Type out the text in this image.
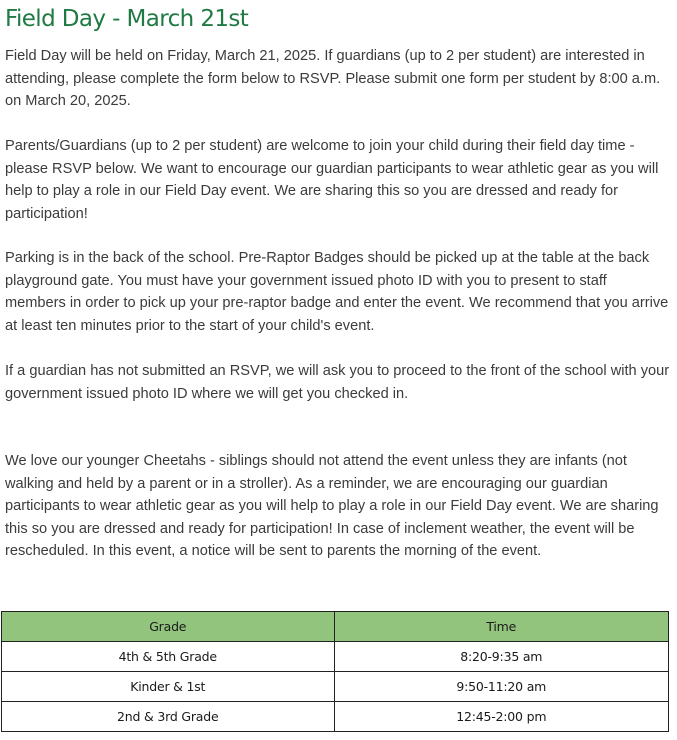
Field Day - March 21st

Field Day will be held on Friday, March 21, 2025. If guardians (up to 2 per student) are interested in attending, please complete the form below to RSVP. Please submit one form per student by 8:00 a.m. on March 20, 2025.

Parents/Guardians (up to 2 per student) are welcome to join your child during their field day time - please RSVP below. We want to encourage our guardian participants to wear athletic gear as you will help to play a role in our Field Day event. We are sharing this so you are dressed and ready for participation!

Parking is in the back of the school. Pre-Raptor Badges should be picked up at the table at the back playground gate. You must have your government issued photo ID with you to present to staff members in order to pick up your pre-raptor badge and enter the event. We recommend that you arrive at least ten minutes prior to the start of your child's event.

If a guardian has not submitted an RSVP, we will ask you to proceed to the front of the school with your government issued photo ID where we will get you checked in.

We love our younger Cheetahs - siblings should not attend the event unless they are infants (not walking and held by a parent or in a stroller). As a reminder, we are encouraging our guardian participants to wear athletic gear as you will help to play a role in our Field Day event. We are sharing this so you are dressed and ready for participation! In case of inclement weather, the event will be rescheduled. In this event, a notice will be sent to parents the morning of the event.

Grade	Time
4th & 5th Grade	8:20-9:35 am
Kinder & 1st	9:50-11:20 am
2nd & 3rd Grade	12:45-2:00 pm
